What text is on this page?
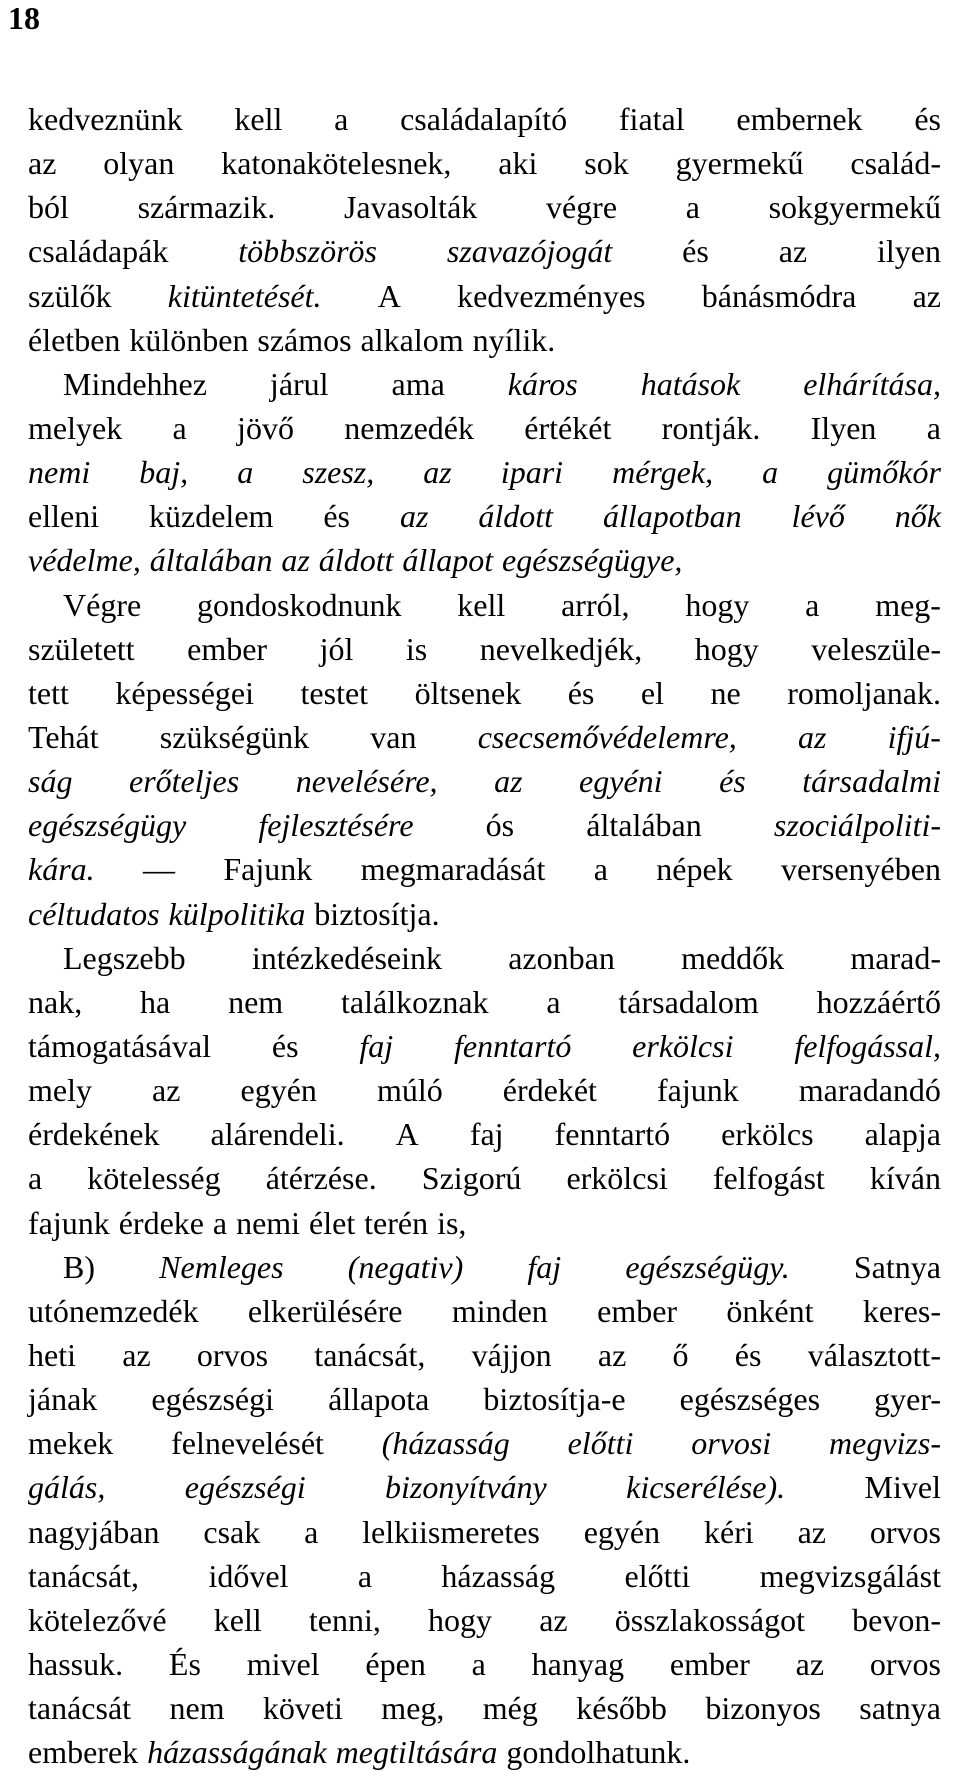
18
kedveznünk kell a családalapító fiatal embernek és
az olyan katonakötelesnek, aki sok gyermekű család-
ból származik. Javasolták végre a sokgyermekű
családapák többszörös szavazójogát és az ilyen
szülők kitüntetését. A kedvezményes bánásmódra az
életben különben számos alkalom nyílik.
Mindehhez járul ama káros hatások elhárítása,
melyek a jövő nemzedék értékét rontják. Ilyen a
nemi baj, a szesz, az ipari mérgek, a gümőkór
elleni küzdelem és az áldott állapotban lévő nők
védelme, általában az áldott állapot egészségügye,
Végre gondoskodnunk kell arról, hogy a meg-
született ember jól is nevelkedjék, hogy veleszüle-
tett képességei testet öltsenek és el ne romoljanak.
Tehát szükségünk van csecsemővédelemre, az ifjú-
ság erőteljes nevelésére, az egyéni és társadalmi
egészségügy fejlesztésére ós általában szociálpoliti-
kára. — Fajunk megmaradását a népek versenyében
céltudatos külpolitika biztosítja.
Legszebb intézkedéseink azonban meddők marad-
nak, ha nem találkoznak a társadalom hozzáértő
támogatásával és faj fenntartó erkölcsi felfogással,
mely az egyén múló érdekét fajunk maradandó
érdekének alárendeli. A faj fenntartó erkölcs alapja
a kötelesség átérzése. Szigorú erkölcsi felfogást kíván
fajunk érdeke a nemi élet terén is,
B) Nemleges (negativ) faj egészségügy. Satnya
utónemzedék elkerülésére minden ember önként keres-
heti az orvos tanácsát, vájjon az ő és választott-
jának egészségi állapota biztosítja-e egészséges gyer-
mekek felnevelését (házasság előtti orvosi megvizs-
gálás, egészségi bizonyítvány kicserélése). Mivel
nagyjában csak a lelkiismeretes egyén kéri az orvos
tanácsát, idővel a házasság előtti megvizsgálást
kötelezővé kell tenni, hogy az összlakosságot bevon-
hassuk. És mivel épen a hanyag ember az orvos
tanácsát nem követi meg, még később bizonyos satnya
emberek házasságának megtiltására gondolhatunk.
